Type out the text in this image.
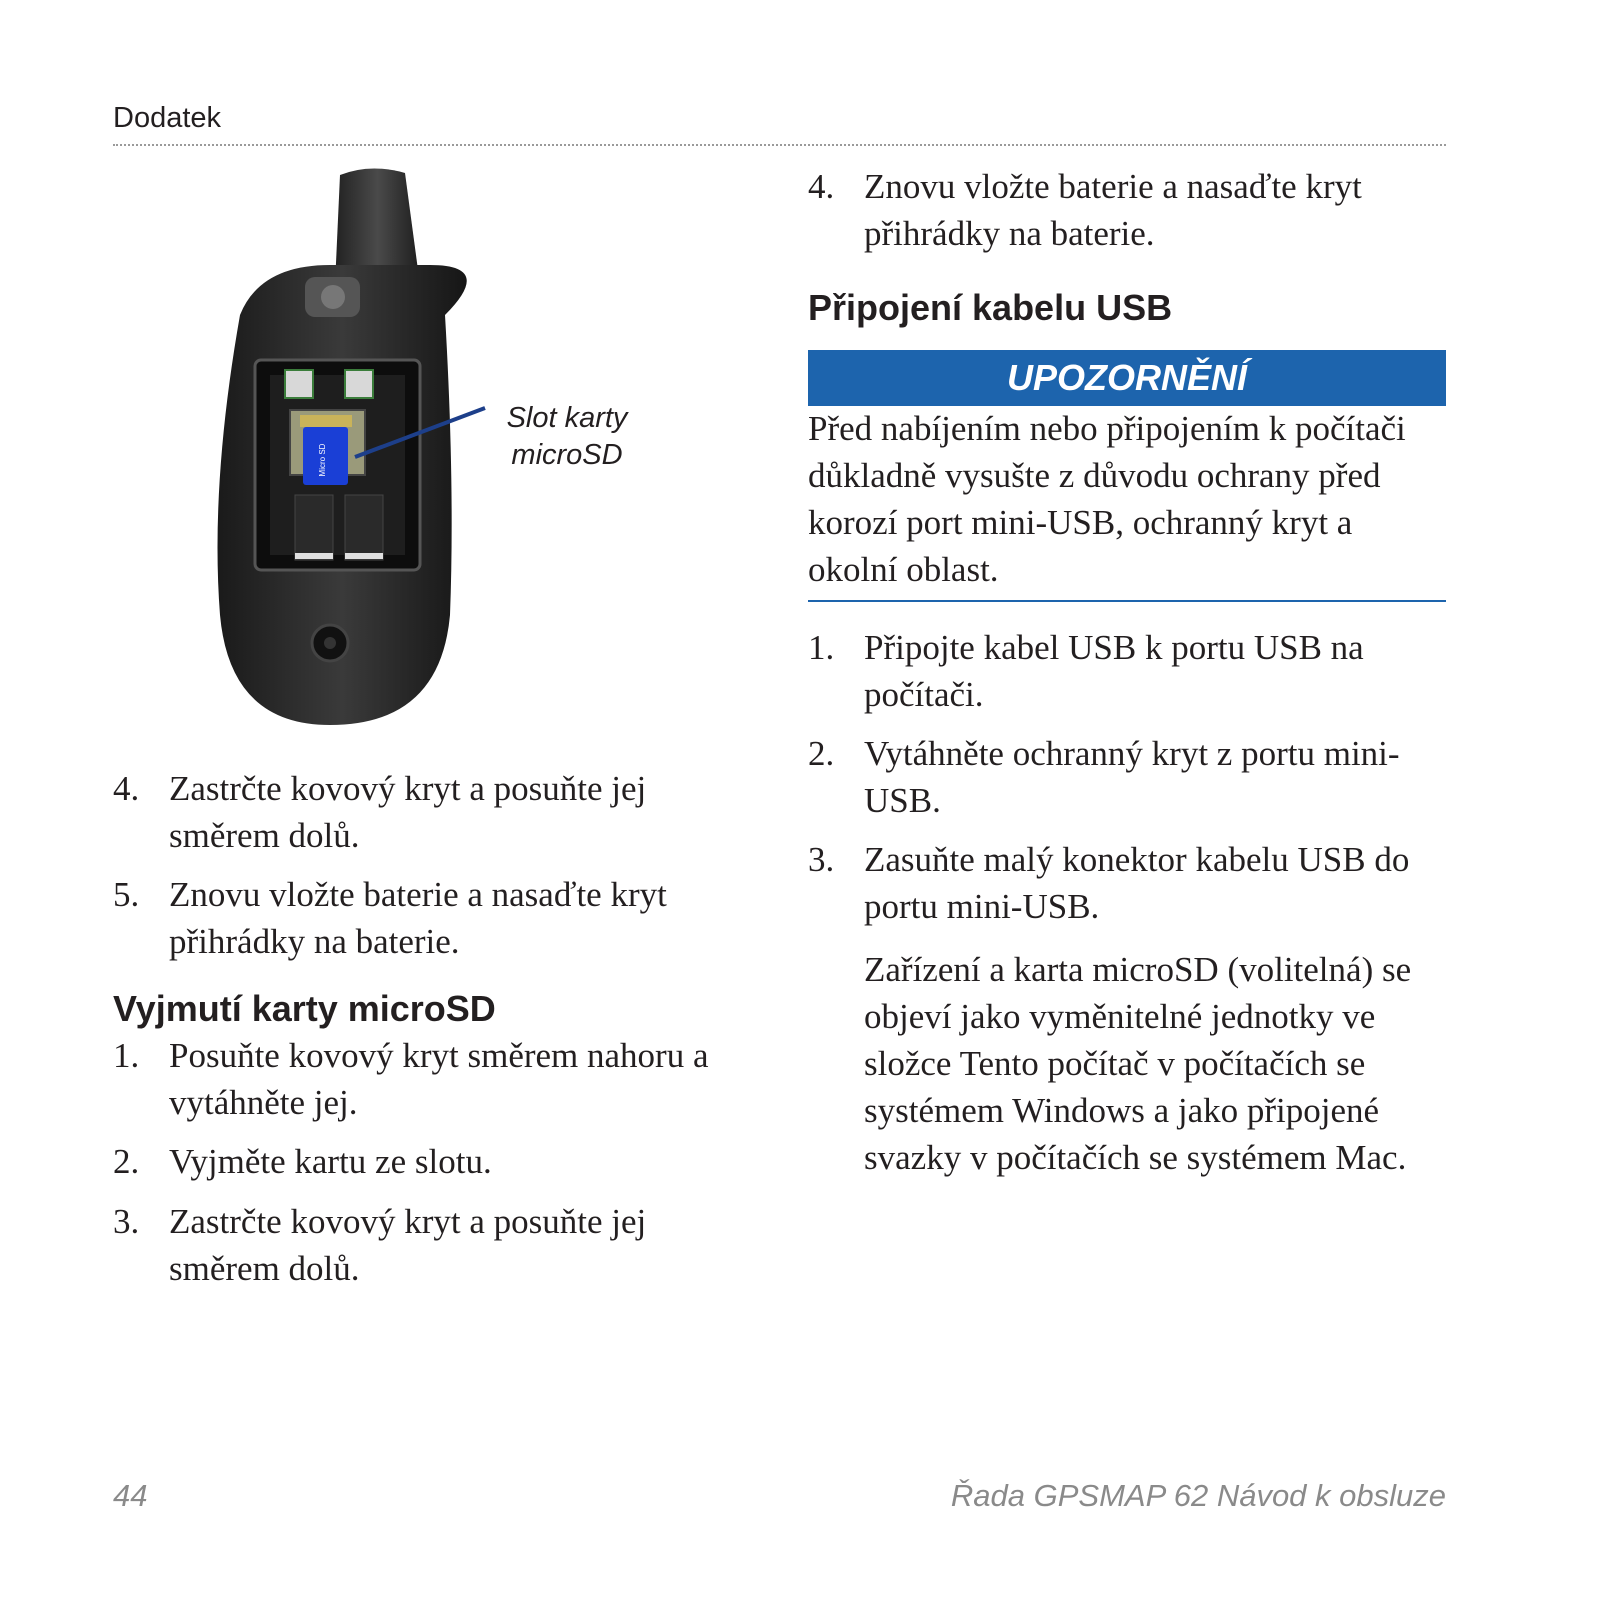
Dodatek
Micro SD
Slot karty
microSD
4. Zastrčte kovový kryt a posuňte jej směrem dolů.
5. Znovu vložte baterie a nasaďte kryt přihrádky na baterie.
Vyjmutí karty microSD
1. Posuňte kovový kryt směrem nahoru a vytáhněte jej.
2. Vyjměte kartu ze slotu.
3. Zastrčte kovový kryt a posuňte jej směrem dolů.
4. Znovu vložte baterie a nasaďte kryt přihrádky na baterie.
Připojení kabelu USB
UPOZORNĚNÍ
Před nabíjením nebo připojením k počítači důkladně vysušte z důvodu ochrany před korozí port mini-USB, ochranný kryt a okolní oblast.
1. Připojte kabel USB k portu USB na počítači.
2. Vytáhněte ochranný kryt z portu mini-USB.
3. Zasuňte malý konektor kabelu USB do portu mini-USB.
Zařízení a karta microSD (volitelná) se objeví jako vyměnitelné jednotky ve složce Tento počítač v počítačích se systémem Windows a jako připojené svazky v počítačích se systémem Mac.
44	Řada GPSMAP 62 Návod k obsluze
